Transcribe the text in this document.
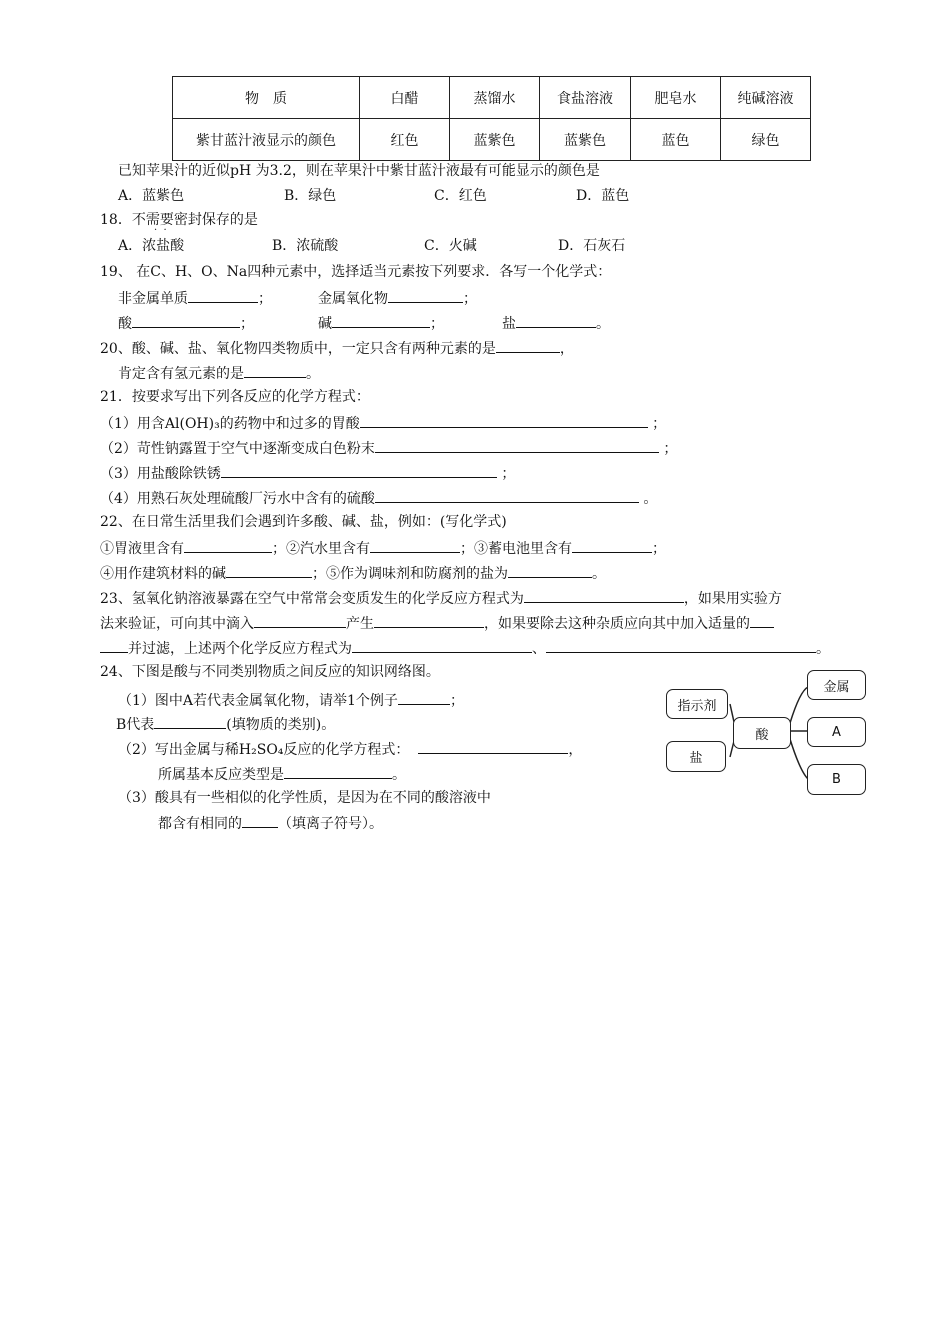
物　质	白醋	蒸馏水	食盐溶液	肥皂水	纯碱溶液
紫甘蓝汁液显示的颜色	红色	蓝紫色	蓝紫色	蓝色	绿色
已知苹果汁的近似pH 为3.2，则在苹果汁中紫甘蓝汁液最有可能显示的颜色是
A．蓝紫色	B．绿色	C．红色	D．蓝色
18．不需要密封保存的是
·  ·
A．浓盐酸	B．浓硫酸	C．火碱	D．石灰石
19、 在C、H、O、Na四种元素中，选择适当元素按下列要求．各写一个化学式：
非金属单质	；	金属氧化物	；
酸	；	碱	；	盐	。
20、酸、碱、盐、氧化物四类物质中，一定只含有两种元素的是	，
肯定含有氢元素的是	。
21．按要求写出下列各反应的化学方程式：
（1）用含Al(OH)₃的药物中和过多的胃酸	；
（2）苛性钠露置于空气中逐渐变成白色粉末	；
（3）用盐酸除铁锈	；
（4）用熟石灰处理硫酸厂污水中含有的硫酸	。
22、在日常生活里我们会遇到许多酸、碱、盐，例如：(写化学式)
①胃液里含有	；②汽水里含有	；③蓄电池里含有	；
④用作建筑材料的碱	；⑤作为调味剂和防腐剂的盐为	。
23、氢氧化钠溶液暴露在空气中常常会变质发生的化学反应方程式为	，如果用实验方
法来验证，可向其中滴入	产生	，如果要除去这种杂质应向其中加入适量的
并过滤，上述两个化学反应方程式为	、	。
24、下图是酸与不同类别物质之间反应的知识网络图。
（1）图中A若代表金属氧化物，请举1个例子	；
B代表	(填物质的类别)。
（2）写出金属与稀H₂SO₄反应的化学方程式：	，
所属基本反应类型是	。
（3）酸具有一些相似的化学性质，是因为在不同的酸溶液中
都含有相同的	（填离子符号）。
指示剂
盐
酸
金属
A
B
